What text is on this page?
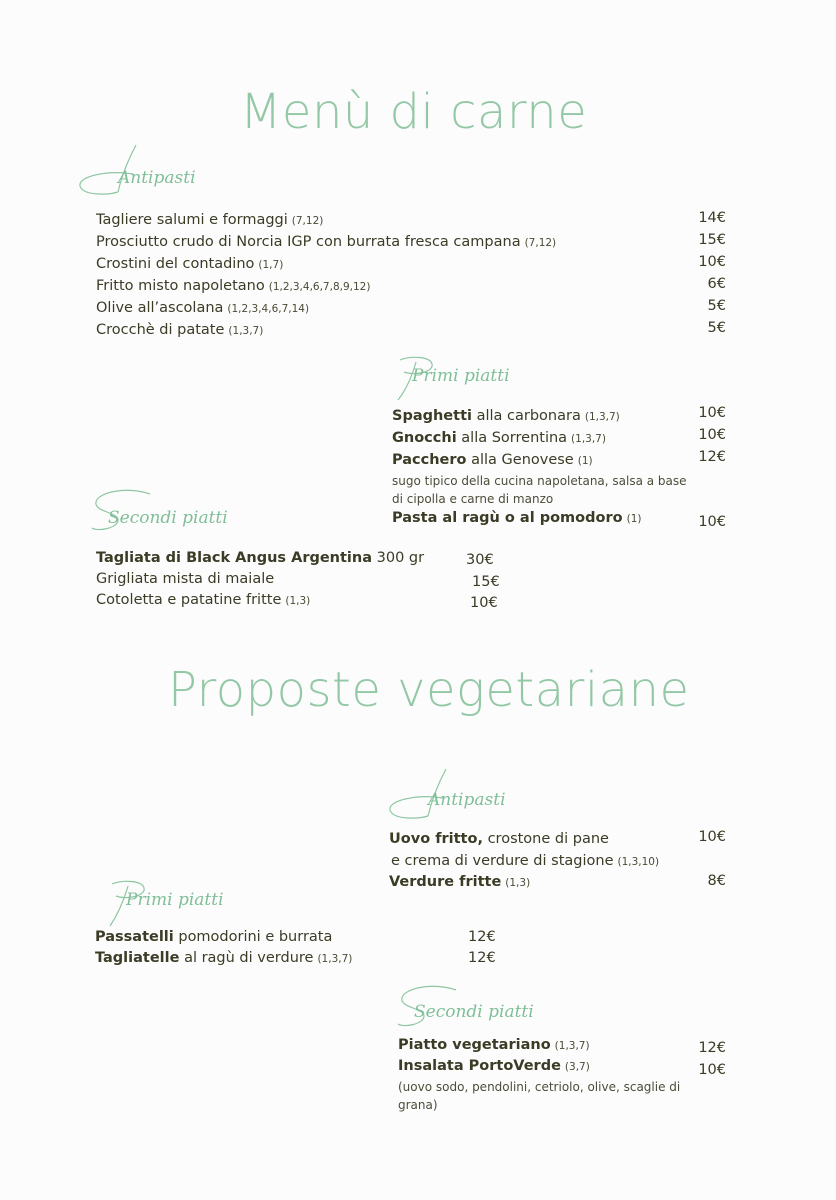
Menù di carne
Antipasti
Tagliere salumi e formaggi (7,12)	14€
Prosciutto crudo di Norcia IGP con burrata fresca campana (7,12)	15€
Crostini del contadino (1,7)	10€
Fritto misto napoletano (1,2,3,4,6,7,8,9,12)	6€
Olive all’ascolana (1,2,3,4,6,7,14)	5€
Crocchè di patate (1,3,7)	5€
Primi piatti
Spaghetti alla carbonara (1,3,7)	10€
Gnocchi alla Sorrentina (1,3,7)	10€
Pacchero alla Genovese (1)	12€
sugo tipico della cucina napoletana, salsa a base di cipolla e carne di manzo
Pasta al ragù o al pomodoro (1)	10€
Secondi piatti
Tagliata di Black Angus Argentina 300 gr	30€
Grigliata mista di maiale	15€
Cotoletta e patatine fritte (1,3)	10€
Proposte vegetariane
Antipasti
Uovo fritto, crostone di pane	10€
e crema di verdure di stagione (1,3,10)
Verdure fritte (1,3)	8€
Primi piatti
Passatelli pomodorini e burrata	12€
Tagliatelle al ragù di verdure (1,3,7)	12€
Secondi piatti
Piatto vegetariano (1,3,7)	12€
Insalata PortoVerde (3,7)	10€
(uovo sodo, pendolini, cetriolo, olive, scaglie di grana)
